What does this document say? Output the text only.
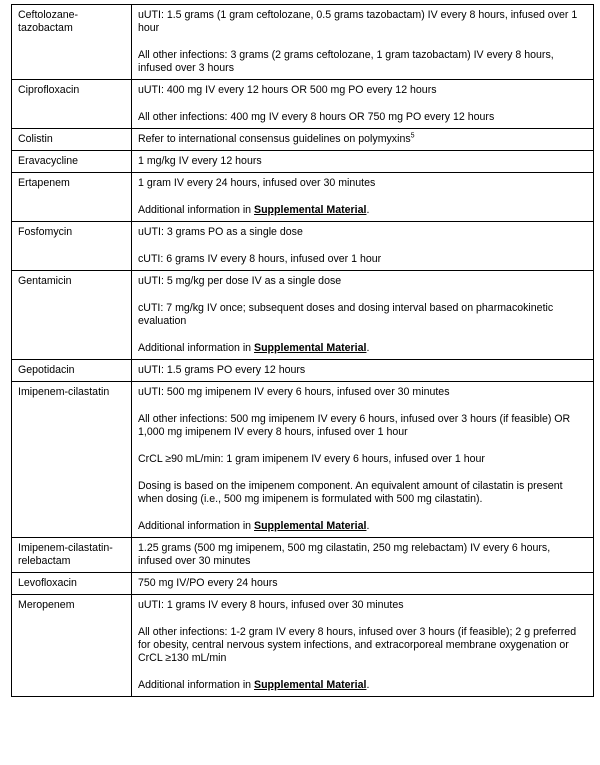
Ceftolozane-tazobactam	uUTI: 1.5 grams (1 gram ceftolozane, 0.5 grams tazobactam) IV every 8 hours, infused over 1 hour
All other infections: 3 grams (2 grams ceftolozane, 1 gram tazobactam) IV every 8 hours, infused over 3 hours

Ciprofloxacin	uUTI: 400 mg IV every 12 hours OR 500 mg PO every 12 hours
All other infections: 400 mg IV every 8 hours OR 750 mg PO every 12 hours

Colistin	Refer to international consensus guidelines on polymyxins$^5$

Eravacycline	1 mg/kg IV every 12 hours

Ertapenem	1 gram IV every 24 hours, infused over 30 minutes
Additional information in Supplemental Material.

Fosfomycin	uUTI: 3 grams PO as a single dose
cUTI: 6 grams IV every 8 hours, infused over 1 hour

Gentamicin	uUTI: 5 mg/kg per dose IV as a single dose
cUTI: 7 mg/kg IV once; subsequent doses and dosing interval based on pharmacokinetic evaluation
Additional information in Supplemental Material.

Gepotidacin	uUTI: 1.5 grams PO every 12 hours

Imipenem-cilastatin	uUTI: 500 mg imipenem IV every 6 hours, infused over 30 minutes
All other infections: 500 mg imipenem IV every 6 hours, infused over 3 hours (if feasible) OR 1,000 mg imipenem IV every 8 hours, infused over 1 hour
CrCL ≥90 mL/min: 1 gram imipenem IV every 6 hours, infused over 1 hour
Dosing is based on the imipenem component. An equivalent amount of cilastatin is present when dosing (i.e., 500 mg imipenem is formulated with 500 mg cilastatin).
Additional information in Supplemental Material.

Imipenem-cilastatin-relebactam	1.25 grams (500 mg imipenem, 500 mg cilastatin, 250 mg relebactam) IV every 6 hours, infused over 30 minutes

Levofloxacin	750 mg IV/PO every 24 hours

Meropenem	uUTI: 1 grams IV every 8 hours, infused over 30 minutes
All other infections: 1-2 gram IV every 8 hours, infused over 3 hours (if feasible); 2 g preferred for obesity, central nervous system infections, and extracorporeal membrane oxygenation or CrCL ≥130 mL/min
Additional information in Supplemental Material.
